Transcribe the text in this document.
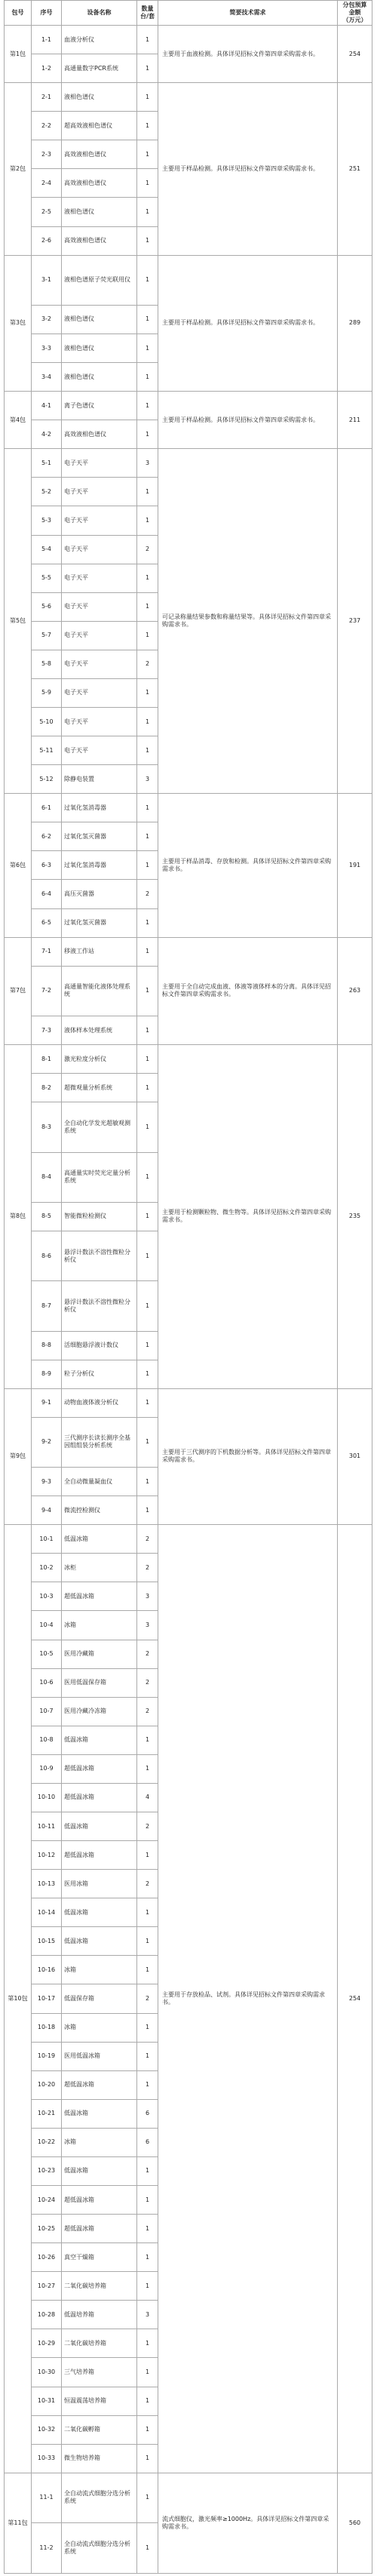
包号	序号	设备名称	数量
台/套	简要技术需求	分包预算金额
（万元）
第1包	1-1	血液分析仪	1	主要用于血液检测。具体详见招标文件第四章采购需求书。	254
	1-2	高通量数字PCR系统	1		
第2包	2-1	液相色谱仪	1	主要用于样品检测。具体详见招标文件第四章采购需求书。	251
	2-2	超高效液相色谱仪	1		
	2-3	高效液相色谱仪	1		
	2-4	高效液相色谱仪	1		
	2-5	液相色谱仪	1		
	2-6	高效液相色谱仪	1		
第3包	3-1	液相色谱原子荧光联用仪	1	主要用于样品检测。具体详见招标文件第四章采购需求书。	289
	3-2	液相色谱仪	1		
	3-3	液相色谱仪	1		
	3-4	液相色谱仪	1		
第4包	4-1	离子色谱仪	1	主要用于样品检测。具体详见招标文件第四章采购需求书。	211
	4-2	高效液相色谱仪	1		
第5包	5-1	电子天平	3	可记录称量结果参数和称量结果等。具体详见招标文件第四章采购需求书。	237
	5-2	电子天平	1		
	5-3	电子天平	1		
	5-4	电子天平	2		
	5-5	电子天平	1		
	5-6	电子天平	1		
	5-7	电子天平	1		
	5-8	电子天平	2		
	5-9	电子天平	1		
	5-10	电子天平	1		
	5-11	电子天平	1		
	5-12	除静电装置	3		
第6包	6-1	过氧化氢消毒器	1	主要用于样品消毒、存放和检测。具体详见招标文件第四章采购需求书。	191
	6-2	过氧化氢灭菌器	1		
	6-3	过氧化氢消毒器	1		
	6-4	高压灭菌器	2		
	6-5	过氧化氢灭菌器	1		
第7包	7-1	移液工作站	1	主要用于全自动完成血液、体液等液体样本的分离。具体详见招标文件第四章采购需求书。	263
	7-2	高通量智能化液体处理系统	1		
	7-3	液体样本处理系统	1		
第8包	8-1	激光粒度分析仪	1	主要用于检测颗粒物、微生物等。具体详见招标文件第四章采购需求书。	235
	8-2	超微观量分析系统	1		
	8-3	全自动化学发光超敏观测系统	1		
	8-4	高通量实时荧光定量分析系统	1		
	8-5	智能微粒检测仪	1		
	8-6	悬浮计数法不溶性微粒分析仪	1		
	8-7	悬浮计数法不溶性微粒分析仪	1		
	8-8	活细胞悬浮液计数仪	1		
	8-9	粒子分析仪	1		
第9包	9-1	动物血液体液分析仪	1	主要用于三代测序的下机数据分析等。具体详见招标文件第四章采购需求书。	301
	9-2	三代测序长读长测序全基因组组装分析系统	1		
	9-3	全自动微量凝血仪	1		
	9-4	微流控检测仪	1		
第10包	10-1	低温冰箱	2	主要用于存放检品、试剂。具体详见招标文件第四章采购需求书。	254
	10-2	冰柜	2		
	10-3	超低温冰箱	3		
	10-4	冰箱	3		
	10-5	医用冷藏箱	2		
	10-6	医用低温保存箱	2		
	10-7	医用冷藏冷冻箱	2		
	10-8	低温冰箱	1		
	10-9	超低温冰箱	1		
	10-10	超低温冰箱	4		
	10-11	低温冰箱	2		
	10-12	超低温冰箱	1		
	10-13	医用冰箱	2		
	10-14	低温冰箱	1		
	10-15	低温冰箱	1		
	10-16	冰箱	1		
	10-17	低温保存箱	2		
	10-18	冰箱	1		
	10-19	医用低温冰箱	1		
	10-20	超低温冰箱	1		
	10-21	低温冰箱	6		
	10-22	冰箱	6		
	10-23	低温冰箱	1		
	10-24	超低温冰箱	1		
	10-25	超低温冰箱	1		
	10-26	真空干燥箱	1		
	10-27	二氧化碳培养箱	1		
	10-28	低温培养箱	3		
	10-29	二氧化碳培养箱	1		
	10-30	三气培养箱	1		
	10-31	恒温震荡培养箱	1		
	10-32	二氧化碳孵箱	1		
	10-33	微生物培养箱	1		
第11包	11-1	全自动流式细胞分选分析系统	1	流式细胞仪，激光频率≥1000Hz。具体详见招标文件第四章采购需求书。	560
	11-2	全自动流式细胞分选分析系统	1		
